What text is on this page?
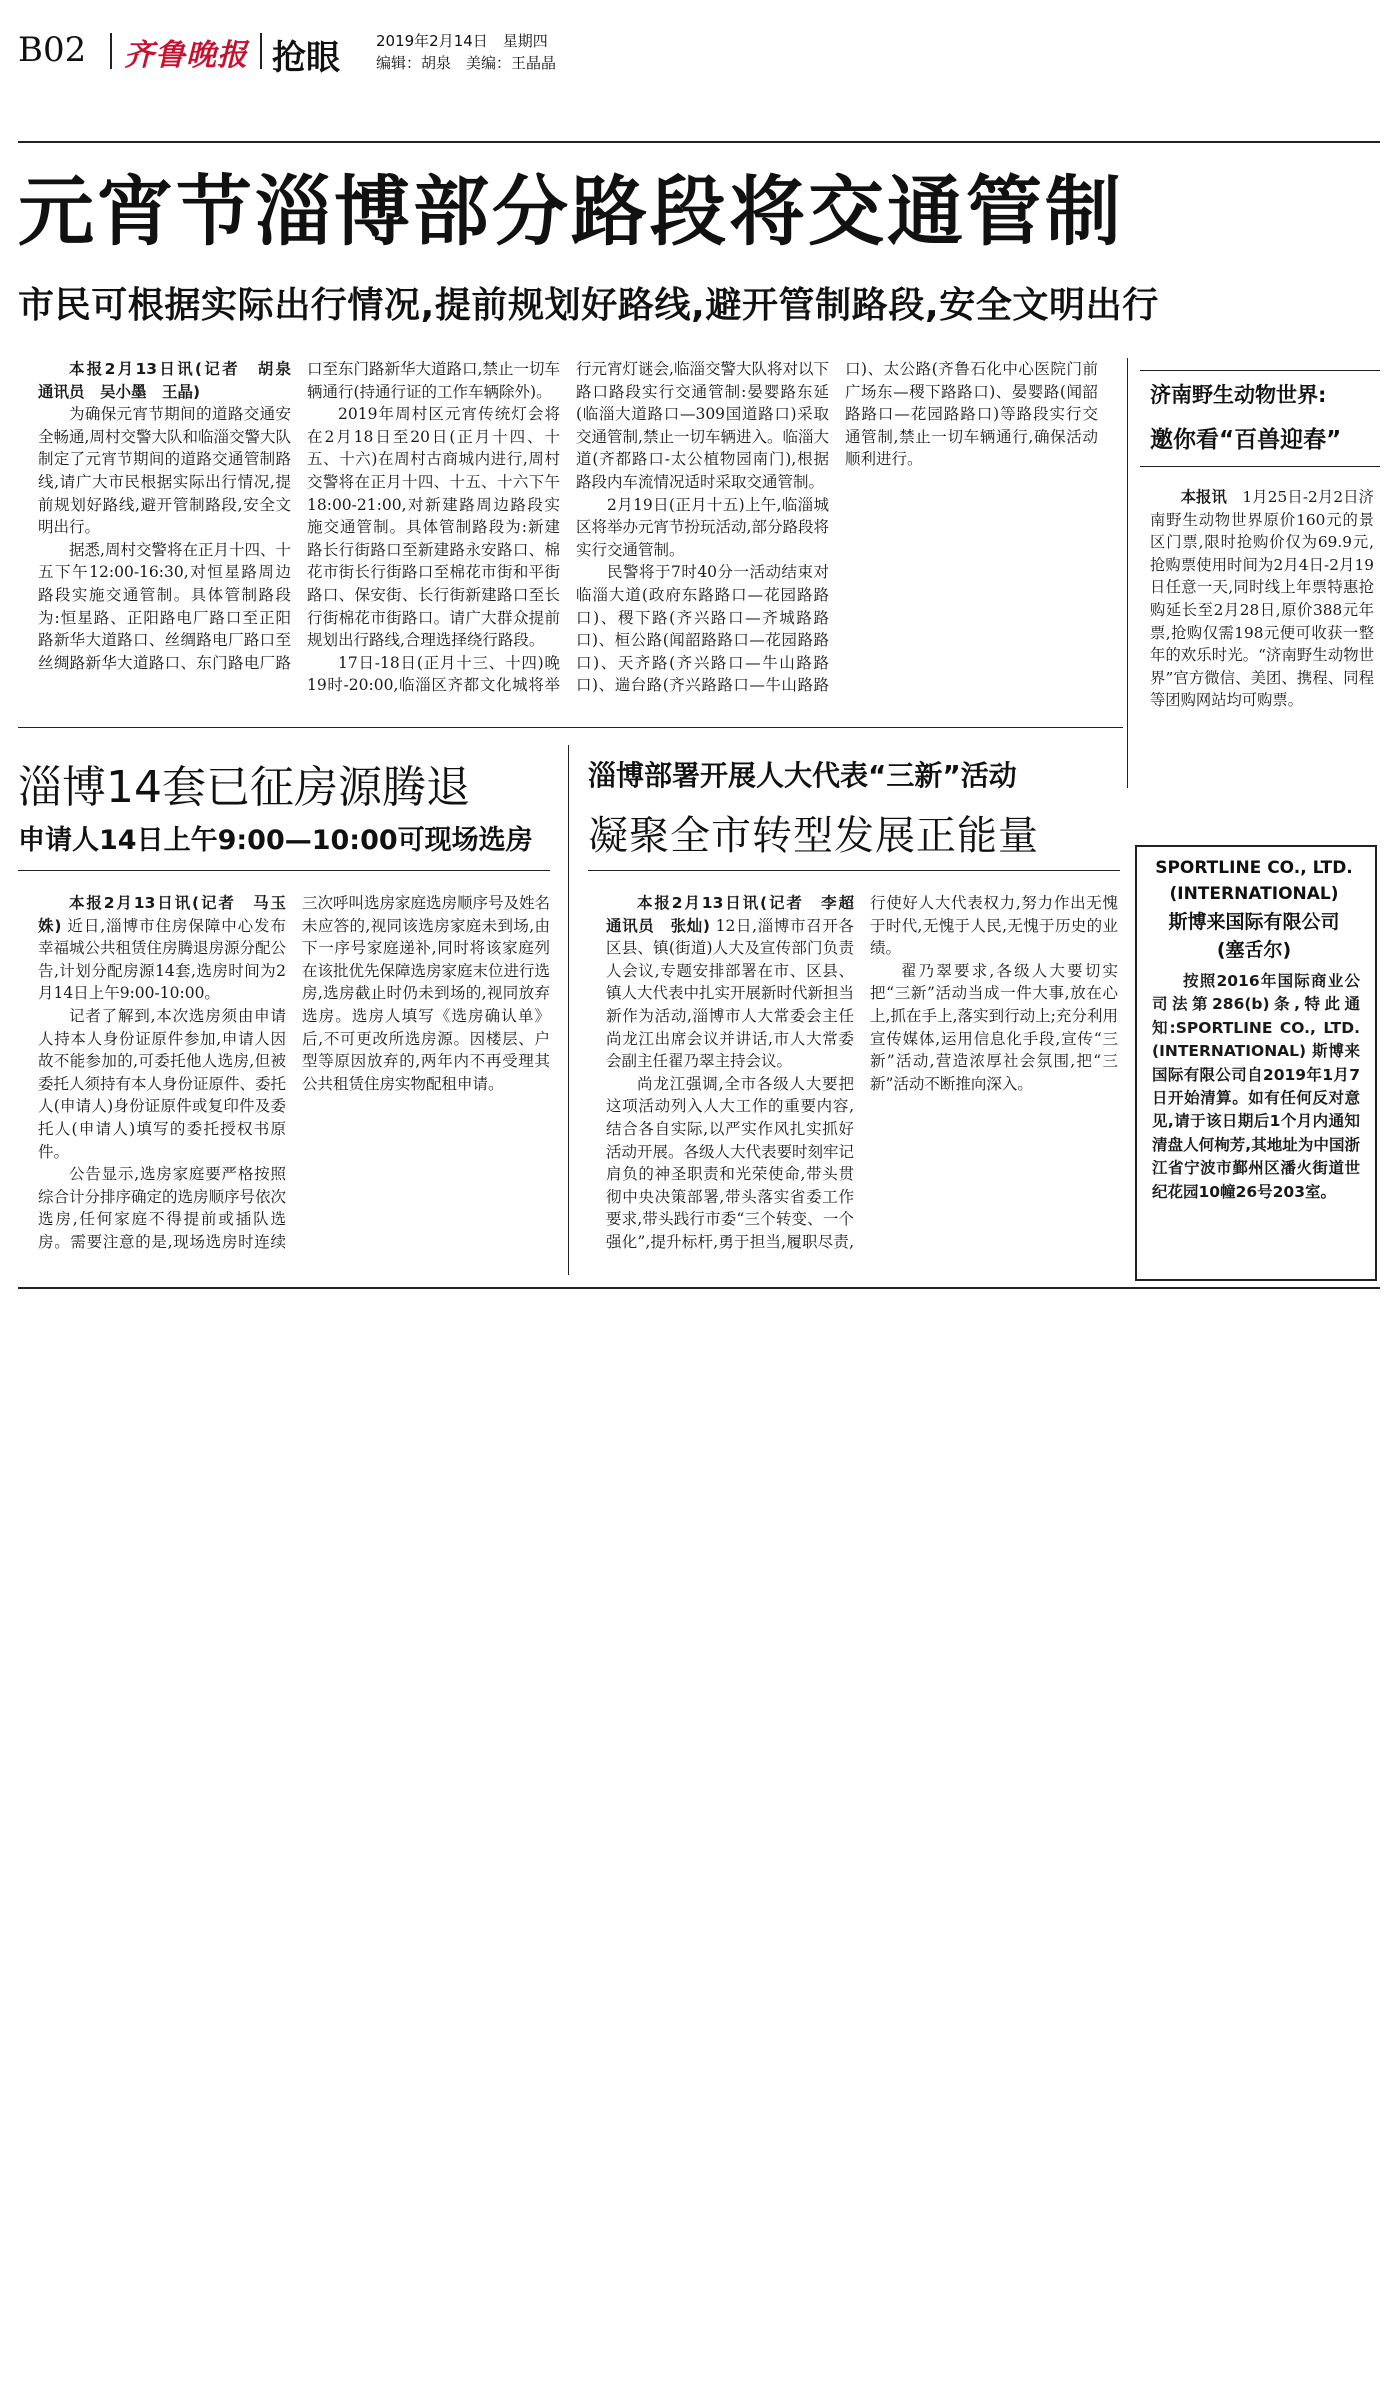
B02 齐鲁晚报 抢眼 2019年2月14日　星期四
编辑：胡泉　美编：王晶晶
元宵节淄博部分路段将交通管制
市民可根据实际出行情况,提前规划好路线,避开管制路段,安全文明出行

本报2月13日讯(记者　胡泉　通讯员　吴小墨　王晶)

为确保元宵节期间的道路交通安全畅通,周村交警大队和临淄交警大队制定了元宵节期间的道路交通管制路线,请广大市民根据实际出行情况,提前规划好路线,避开管制路段,安全文明出行。

据悉,周村交警将在正月十四、十五下午12:00-16:30,对恒星路周边路段实施交通管制。具体管制路段为:恒星路、正阳路电厂路口至正阳路新华大道路口、丝绸路电厂路口至丝绸路新华大道路口、东门路电厂路口至东门路新华大道路口,禁止一切车辆通行(持通行证的工作车辆除外)。

2019年周村区元宵传统灯会将在2月18日至20日(正月十四、十五、十六)在周村古商城内进行,周村交警将在正月十四、十五、十六下午18:00-21:00,对新建路周边路段实施交通管制。具体管制路段为:新建路长行街路口至新建路永安路口、棉花市街长行街路口至棉花市街和平街路口、保安街、长行街新建路口至长行街棉花市街路口。请广大群众提前规划出行路线,合理选择绕行路段。

17日-18日(正月十三、十四)晚19时-20:00,临淄区齐都文化城将举行元宵灯谜会,临淄交警大队将对以下路口路段实行交通管制:晏婴路东延(临淄大道路口—309国道路口)采取交通管制,禁止一切车辆进入。临淄大道(齐都路口-太公植物园南门),根据路段内车流情况适时采取交通管制。

2月19日(正月十五)上午,临淄城区将举办元宵节扮玩活动,部分路段将实行交通管制。

民警将于7时40分一活动结束对临淄大道(政府东路路口—花园路路口)、稷下路(齐兴路口—齐城路路口)、桓公路(闻韶路路口—花园路路口)、天齐路(齐兴路口—牛山路路口)、遄台路(齐兴路路口—牛山路路口)、太公路(齐鲁石化中心医院门前广场东—稷下路路口)、晏婴路(闻韶路路口—花园路路口)等路段实行交通管制,禁止一切车辆通行,确保活动顺利进行。

淄博14套已征房源腾退
申请人14日上午9:00—10:00可现场选房

本报2月13日讯(记者　马玉姝) 近日,淄博市住房保障中心发布幸福城公共租赁住房腾退房源分配公告,计划分配房源14套,选房时间为2月14日上午9:00-10:00。

记者了解到,本次选房须由申请人持本人身份证原件参加,申请人因故不能参加的,可委托他人选房,但被委托人须持有本人身份证原件、委托人(申请人)身份证原件或复印件及委托人(申请人)填写的委托授权书原件。

公告显示,选房家庭要严格按照综合计分排序确定的选房顺序号依次选房,任何家庭不得提前或插队选房。需要注意的是,现场选房时连续三次呼叫选房家庭选房顺序号及姓名未应答的,视同该选房家庭未到场,由下一序号家庭递补,同时将该家庭列在该批优先保障选房家庭末位进行选房,选房截止时仍未到场的,视同放弃选房。选房人填写《选房确认单》后,不可更改所选房源。因楼层、户型等原因放弃的,两年内不再受理其公共租赁住房实物配租申请。

淄博部署开展人大代表“三新”活动
凝聚全市转型发展正能量

本报2月13日讯(记者　李超　通讯员　张灿) 12日,淄博市召开各区县、镇(街道)人大及宣传部门负责人会议,专题安排部署在市、区县、镇人大代表中扎实开展新时代新担当新作为活动,淄博市人大常委会主任尚龙江出席会议并讲话,市人大常委会副主任翟乃翠主持会议。

尚龙江强调,全市各级人大要把这项活动列入人大工作的重要内容,结合各自实际,以严实作风扎实抓好活动开展。各级人大代表要时刻牢记肩负的神圣职责和光荣使命,带头贯彻中央决策部署,带头落实省委工作要求,带头践行市委“三个转变、一个强化”,提升标杆,勇于担当,履职尽责,行使好人大代表权力,努力作出无愧于时代,无愧于人民,无愧于历史的业绩。

翟乃翠要求,各级人大要切实把“三新”活动当成一件大事,放在心上,抓在手上,落实到行动上;充分利用宣传媒体,运用信息化手段,宣传“三新”活动,营造浓厚社会氛围,把“三新”活动不断推向深入。

济南野生动物世界:
邀你看“百兽迎春”

本报讯　 1月25日-2月2日济南野生动物世界原价160元的景区门票,限时抢购价仅为69.9元,抢购票使用时间为2月4日-2月19日任意一天,同时线上年票特惠抢购延长至2月28日,原价388元年票,抢购仅需198元便可收获一整年的欢乐时光。“济南野生动物世界”官方微信、美团、携程、同程等团购网站均可购票。

SPORTLINE CO., LTD.
(INTERNATIONAL)
斯博来国际有限公司
(塞舌尔)

按照2016年国际商业公司法第286(b)条,特此通知:SPORTLINE CO., LTD. (INTERNATIONAL) 斯博来国际有限公司自2019年1月7日开始清算。如有任何反对意见,请于该日期后1个月内通知清盘人何栒芳,其地址为中国浙江省宁波市鄞州区潘火街道世纪花园10幢26号203室。
